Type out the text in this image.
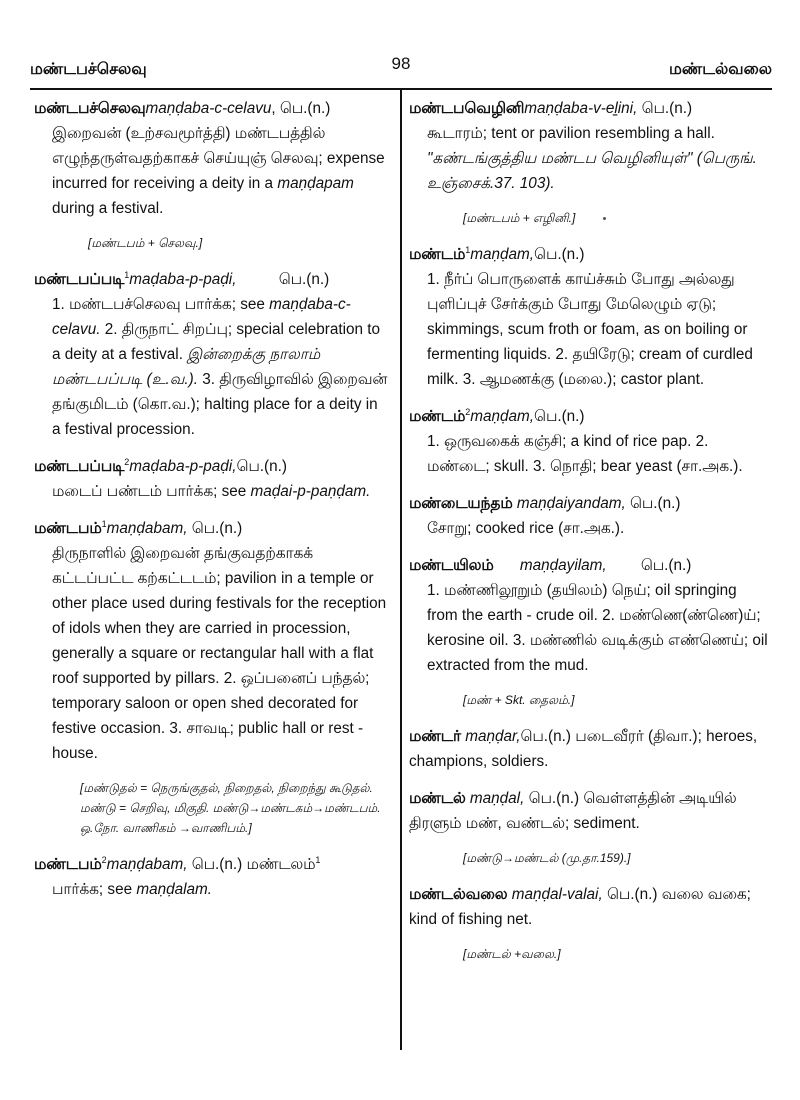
மண்டபச்செலவு	98	மண்டல்வலை
மண்டபச்செலவுmaṇḍaba-c-celavu, பெ.(n.)
இறைவன் (உற்சவமூர்த்தி) மண்டபத்தில் எழுந்தருள்வதற்காகச் செய்யுஞ் செலவு; expense incurred for receiving a deity in a maṇḍapam during a festival.
[மண்டபம் + செலவு.]
மண்டபப்படி$^1$maḍaba-p-paḍi,	பெ.(n.)
1. மண்டபச்செலவு பார்க்க; see maṇḍaba-c-celavu. 2. திருநாட் சிறப்பு; special celebration to a deity at a festival. இன்றைக்கு நாலாம் மண்டபப்படி (உ.வ.). 3. திருவிழாவில் இறைவன் தங்குமிடம் (கொ.வ.); halting place for a deity in a festival procession.
மண்டபப்படி$^2$maḍaba-p-paḍi,பெ.(n.)
மடைப் பண்டம் பார்க்க; see maḍai-p-paṇḍam.
மண்டபம்$^1$maṇḍabam, பெ.(n.)
திருநாளில் இறைவன் தங்குவதற்காகக் கட்டப்பட்ட கற்கட்டடம்; pavilion in a temple or other place used during festivals for the reception of idols when they are carried in procession, generally a square or rectangular hall with a flat roof supported by pillars. 2. ஒப்பனைப் பந்தல்; temporary saloon or open shed decorated for festive occasion. 3. சாவடி; public hall or rest - house.
[மண்டுதல் = நெருங்குதல், நிறைதல், நிறைந்து கூடுதல். மண்டு = செறிவு, மிகுதி. மண்டு→மண்டகம்→மண்டபம். ஒ.நோ. வாணிகம் →வாணிபம்.]
மண்டபம்$^2$maṇḍabam, பெ.(n.) மண்டலம்$^1$
பார்க்க; see maṇḍalam.
மண்டபவெழினிmaṇḍaba-v-eḻini, பெ.(n.)
கூடாரம்; tent or pavilion resembling a hall. "கண்டங்குத்திய மண்டப வெழினியுள்" (பெருங். உஞ்சைக்.37. 103).
[மண்டபம் + எழினி.]
மண்டம்$^1$maṇḍam,பெ.(n.)
1. நீர்ப் பொருளைக் காய்ச்சும் போது அல்லது புளிப்புச் சேர்க்கும் போது மேலெழும் ஏடு; skimmings, scum froth or foam, as on boiling or fermenting liquids. 2. தயிரேடு; cream of curdled milk. 3. ஆமணக்கு (மலை.); castor plant.
மண்டம்$^2$maṇḍam,பெ.(n.)
1. ஒருவகைக் கஞ்சி; a kind of rice pap. 2. மண்டை; skull. 3. நொதி; bear yeast (சா.அக.).
மண்டையந்தம் maṇḍaiyandam, பெ.(n.)
சோறு; cooked rice (சா.அக.).
மண்டயிலம் maṇḍayilam, பெ.(n.)
1. மண்ணிலூறும் (தயிலம்) நெய்; oil springing from the earth - crude oil. 2. மண்ணெ(ண்ணெ)ய்; kerosine oil. 3. மண்ணில் வடிக்கும் எண்ணெய்; oil extracted from the mud.
[மண் + Skt. தைலம்.]
மண்டர் maṇḍar,பெ.(n.) படைவீரர் (திவா.); heroes, champions, soldiers.
மண்டல் maṇḍal, பெ.(n.) வெள்ளத்தின் அடியில் திரளும் மண், வண்டல்; sediment.
[மண்டு→மண்டல் (மு.தா.159).]
மண்டல்வலை maṇḍal-valai, பெ.(n.) வலை வகை; kind of fishing net.
[மண்டல் +வலை.]
